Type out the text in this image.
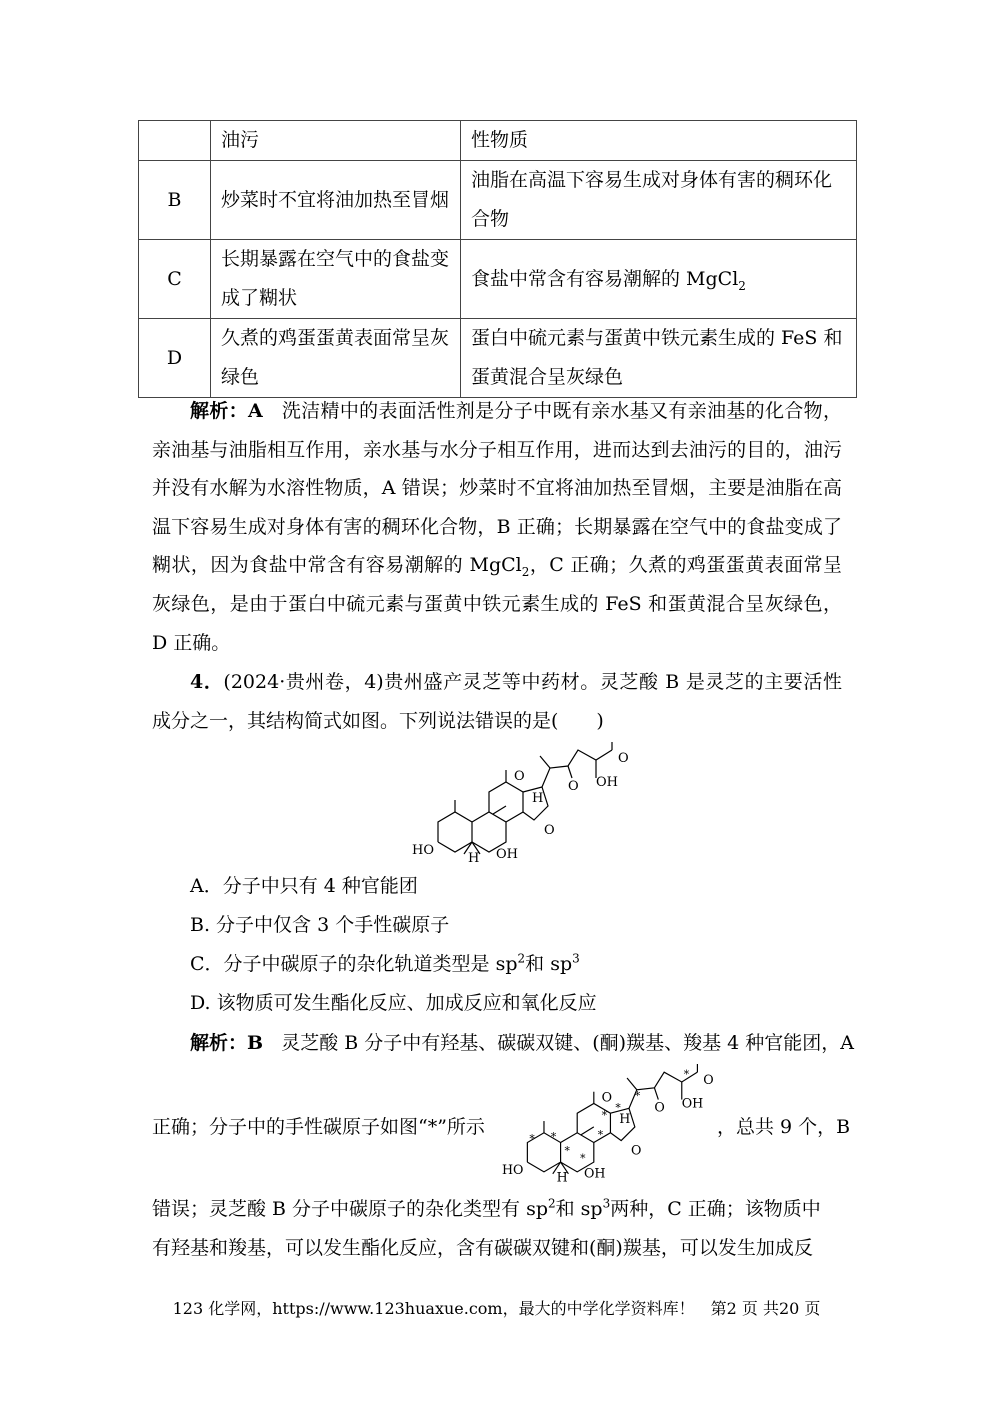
	油污	性物质
B	炒菜时不宜将油加热至冒烟	油脂在高温下容易生成对身体有害的稠环化合物
C	长期暴露在空气中的食盐变成了糊状	食盐中常含有容易潮解的 MgCl$_2$
D	久煮的鸡蛋蛋黄表面常呈灰绿色	蛋白中硫元素与蛋黄中铁元素生成的 FeS 和蛋黄混合呈灰绿色
解析：A 洗洁精中的表面活性剂是分子中既有亲水基又有亲油基的化合物，亲油基与油脂相互作用，亲水基与水分子相互作用，进而达到去油污的目的，油污并没有水解为水溶性物质，A 错误；炒菜时不宜将油加热至冒烟，主要是油脂在高温下容易生成对身体有害的稠环化合物，B 正确；长期暴露在空气中的食盐变成了糊状，因为食盐中常含有容易潮解的 MgCl$_2$，C 正确；久煮的鸡蛋蛋黄表面常呈灰绿色，是由于蛋白中硫元素与蛋黄中铁元素生成的 FeS 和蛋黄混合呈灰绿色，D 正确。
4．(2024·贵州卷，4)贵州盛产灵芝等中药材。灵芝酸 B 是灵芝的主要活性成分之一，其结构简式如图。下列说法错误的是(　　)
O
O
O
OH
H
O
HO
H OH
A．分子中只有 4 种官能团
B. 分子中仅含 3 个手性碳原子
C．分子中碳原子的杂化轨道类型是 $sp^2$和 $sp^3$
D. 该物质可发生酯化反应、加成反应和氧化反应
解析：B 灵芝酸 B 分子中有羟基、碳碳双键、(酮)羰基、羧基 4 种官能团，A
正确；分子中的手性碳原子如图“*”所示
O
O
O
OH
H
O
HO
H OH
* *
*
*
*
*
*
*
*
，总共 9 个，B
错误；灵芝酸 B 分子中碳原子的杂化类型有 $sp^2$和 $sp^3$两种，C 正确；该物质中
有羟基和羧基，可以发生酯化反应，含有碳碳双键和(酮)羰基，可以发生加成反
123 化学网，https://www.123huaxue.com，最大的中学化学资料库！　第2 页 共20 页
